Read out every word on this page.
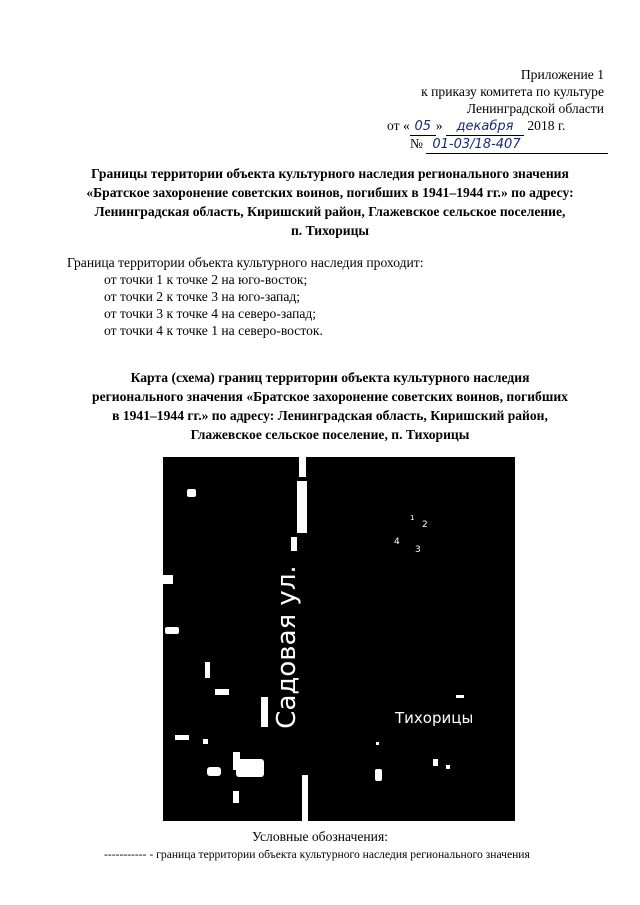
Приложение 1
к приказу комитета по культуре
Ленинградской области
от « 05 » декабря 2018 г.
№ 01-03/18-407
Границы территории объекта культурного наследия регионального значения
«Братское захоронение советских воинов, погибших в 1941–1944 гг.» по адресу:
Ленинградская область, Киришский район, Глажевское сельское поселение,
п. Тихорицы
Граница территории объекта культурного наследия проходит:
от точки 1 к точке 2 на юго-восток;
от точки 2 к точке 3 на юго-запад;
от точки 3 к точке 4 на северо-запад;
от точки 4 к точке 1 на северо-восток.
Карта (схема) границ территории объекта культурного наследия
регионального значения «Братское захоронение советских воинов, погибших
в 1941–1944 гг.» по адресу: Ленинградская область, Киришский район,
Глажевское сельское поселение, п. Тихорицы
Садовая ул.	Тихорицы
1
2
3
4
Условные обозначения:
----------- - граница территории объекта культурного наследия регионального значения
